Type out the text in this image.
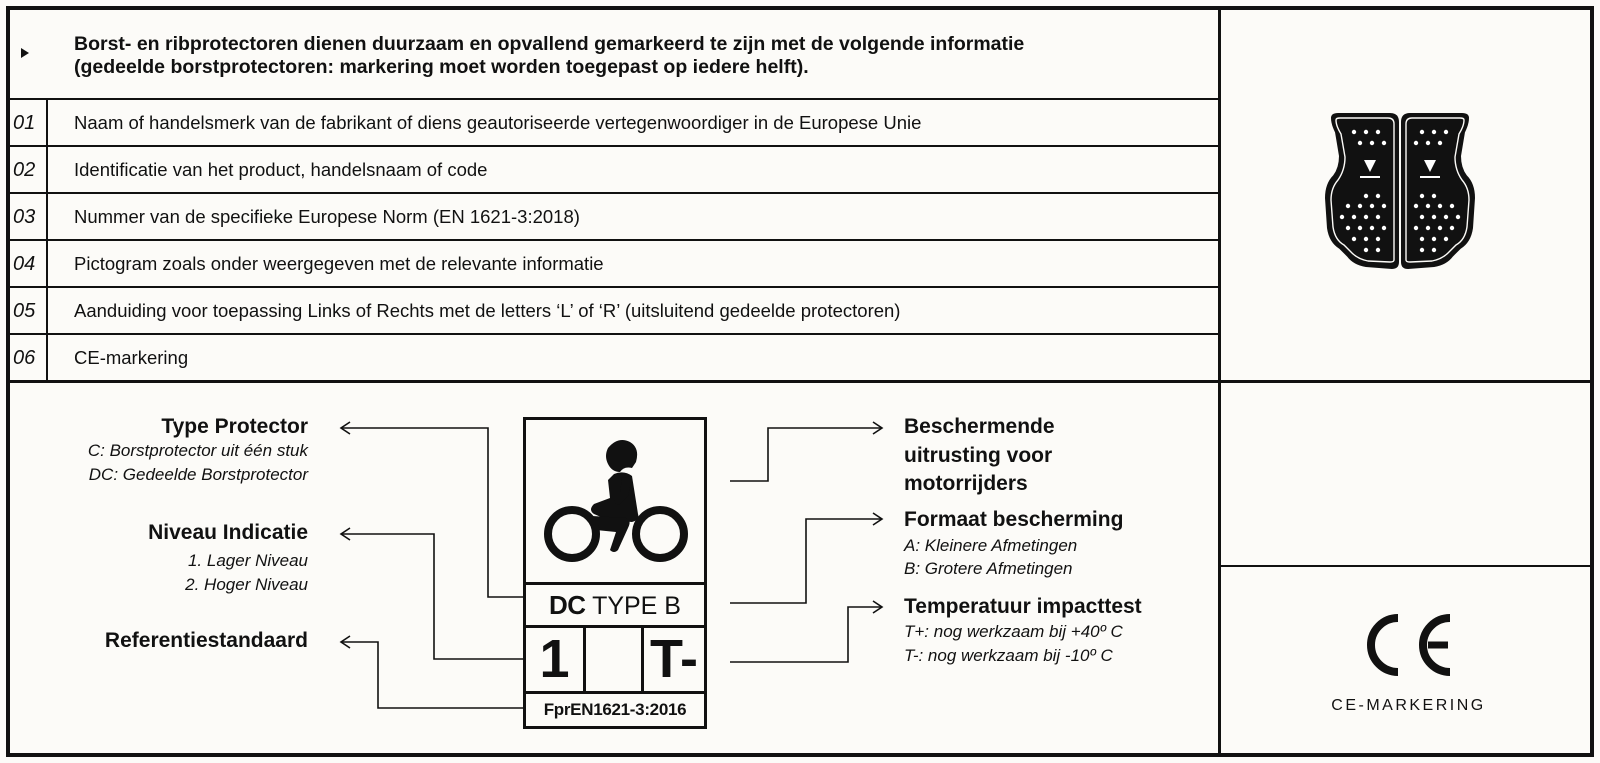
Borst- en ribprotectoren dienen duurzaam en opvallend gemarkeerd te zijn met de volgende informatie
(gedeelde borstprotectoren: markering moet worden toegepast op iedere helft).
01	Naam of handelsmerk van de fabrikant of diens geautoriseerde vertegenwoordiger in de Europese Unie
02	Identificatie van het product, handelsnaam of code
03	Nummer van de specifieke Europese Norm (EN 1621-3:2018)
04	Pictogram zoals onder weergegeven met de relevante informatie
05	Aanduiding voor toepassing Links of Rechts met de letters ‘L’ of ‘R’ (uitsluitend gedeelde protectoren)
06	CE-markering
Type Protector
C: Borstprotector uit één stuk
DC: Gedeelde Borstprotector
Niveau Indicatie
1. Lager Niveau
2. Hoger Niveau
Referentiestandaard
Beschermende
uitrusting voor
motorrijders
Formaat bescherming
A: Kleinere Afmetingen
B: Grotere Afmetingen
Temperatuur impacttest
T+: nog werkzaam bij +40º C
T-: nog werkzaam bij -10º C
DC TYPE B
1	T-
FprEN1621-3:2016	CE-MARKERING
